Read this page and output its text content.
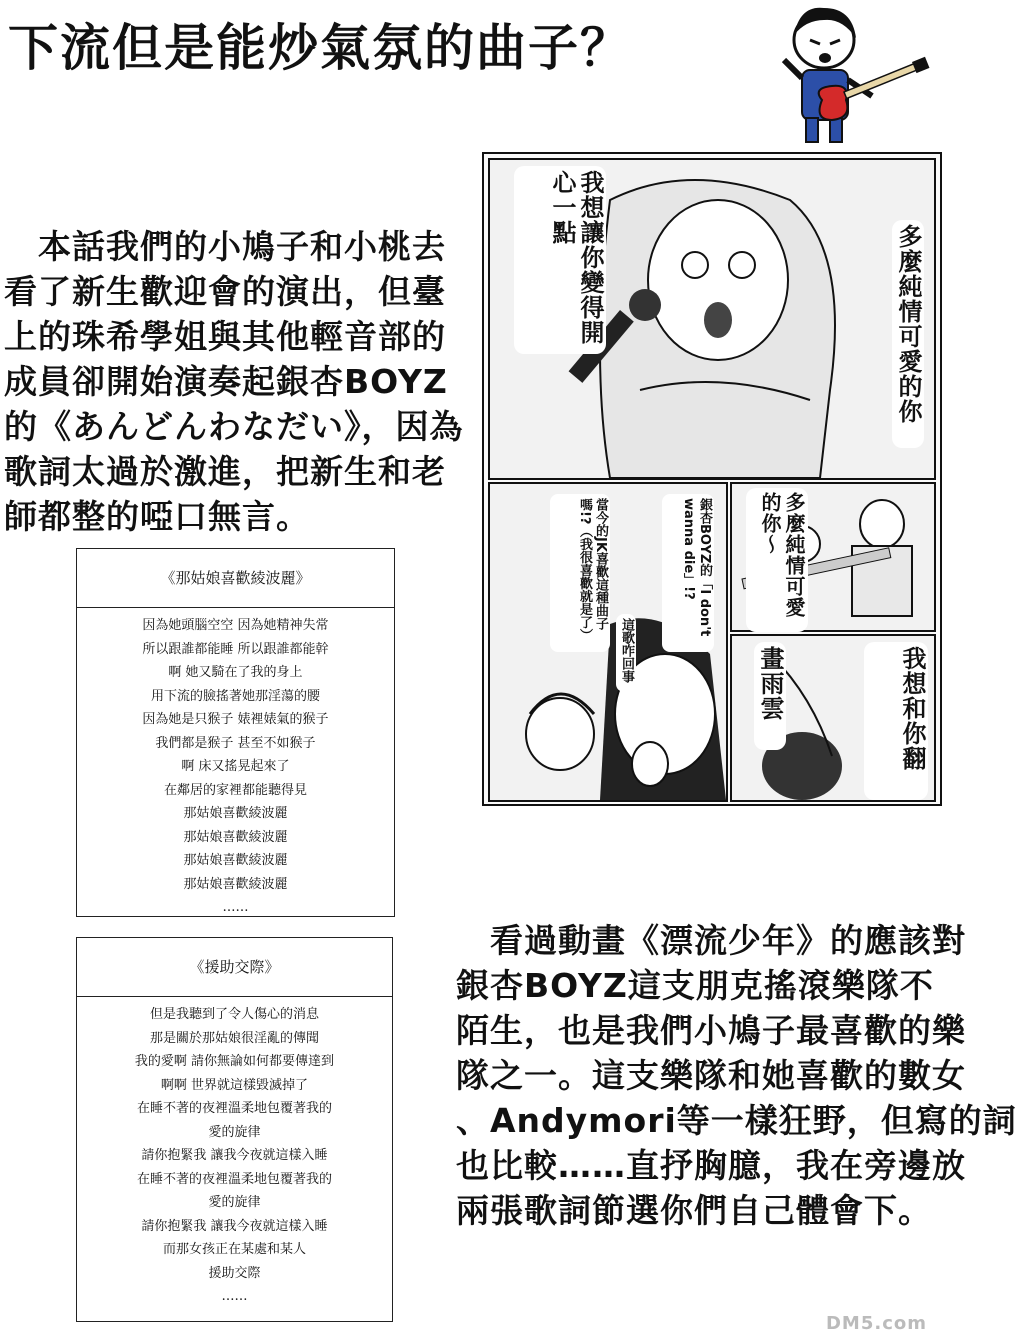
下流但是能炒氣氛的曲子？
　本話我們的小鳩子和小桃去
看了新生歡迎會的演出，但臺
上的珠希學姐與其他輕音部的
成員卻開始演奏起銀杏BOYZ
的《あんどんわなだい》，因為
歌詞太過於激進，把新生和老
師都整的啞口無言。
多麼純情可愛的你
我想讓你變得開心一點
銀杏BOYZ的「I don't wanna die」!?
當今的JK喜歡這種曲子嗎!?（我很喜歡就是了）
這歌咋回事
多麼純情可愛的你～
我想和你翻
畫雨雲
《那姑娘喜歡綾波麗》
因為她頭腦空空 因為她精神失常
所以跟誰都能睡 所以跟誰都能幹
啊 她又騎在了我的身上
用下流的臉搖著她那淫蕩的腰
因為她是只猴子 婊裡婊氣的猴子
我們都是猴子 甚至不如猴子
啊 床又搖晃起來了
在鄰居的家裡都能聽得見
那姑娘喜歡綾波麗
那姑娘喜歡綾波麗
那姑娘喜歡綾波麗
那姑娘喜歡綾波麗
……
《援助交際》
但是我聽到了令人傷心的消息
那是關於那姑娘很淫亂的傳聞
我的愛啊 請你無論如何都要傳達到
啊啊 世界就這樣毀滅掉了
在睡不著的夜裡溫柔地包覆著我的
愛的旋律
請你抱緊我 讓我今夜就這樣入睡
在睡不著的夜裡溫柔地包覆著我的
愛的旋律
請你抱緊我 讓我今夜就這樣入睡
而那女孩正在某處和某人
援助交際
……
　看過動畫《漂流少年》的應該對
銀杏BOYZ這支朋克搖滾樂隊不
陌生，也是我們小鳩子最喜歡的樂
隊之一。這支樂隊和她喜歡的數女
、Andymori等一樣狂野，但寫的詞
也比較……直抒胸臆，我在旁邊放
兩張歌詞節選你們自己體會下。
DM5.com
